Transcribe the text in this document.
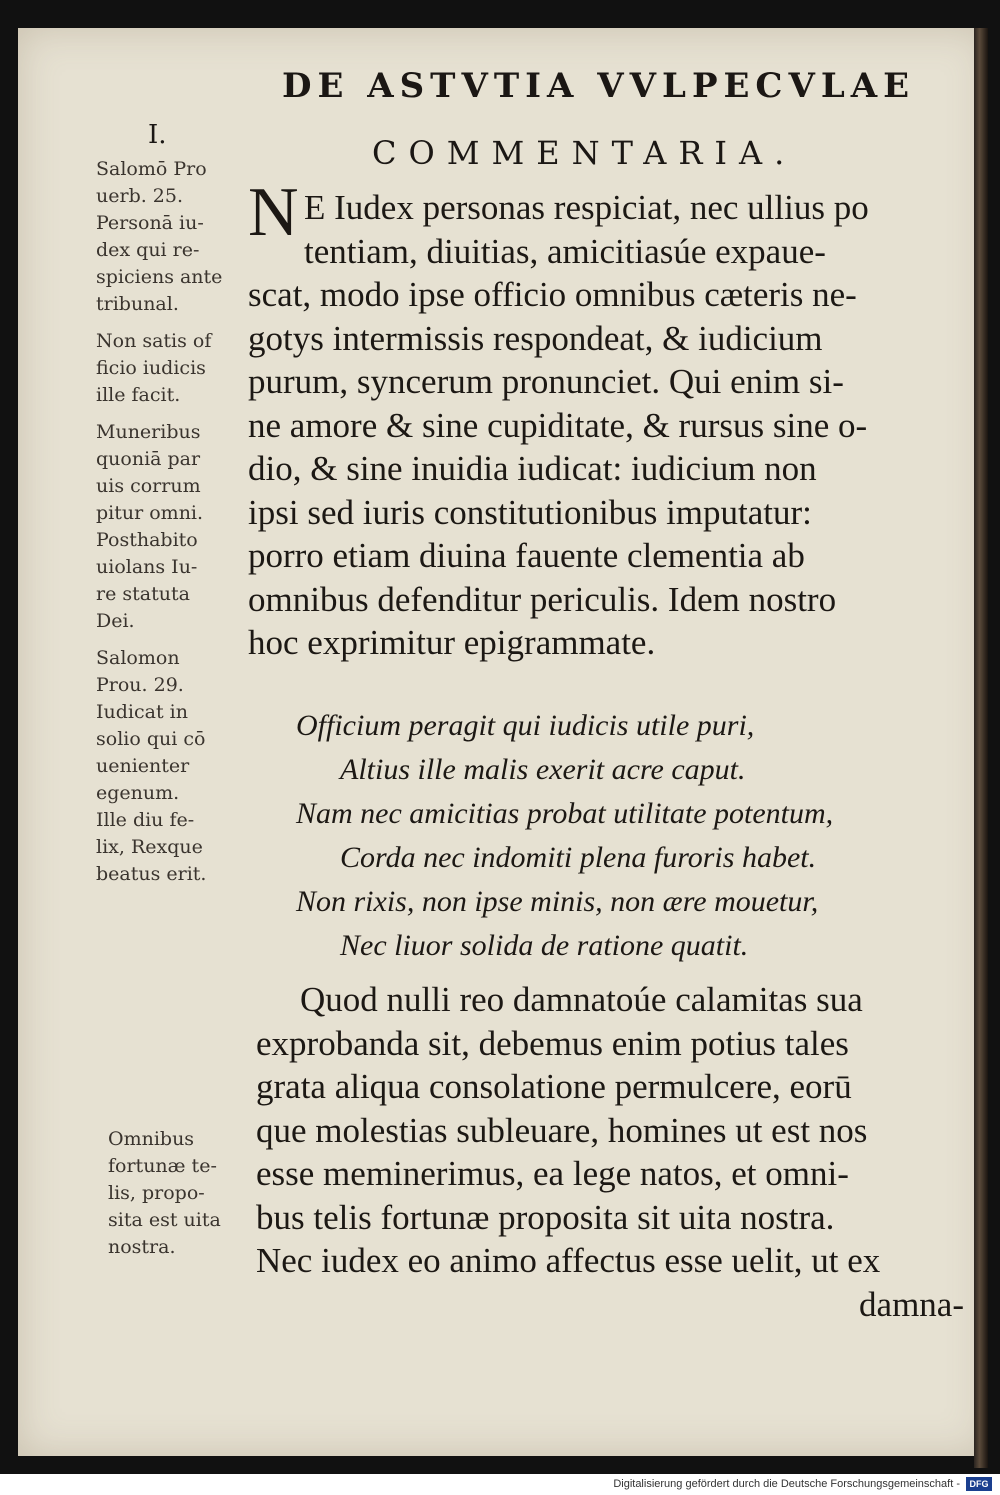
DE ASTVTIA VVLPECVLAE
COMMENTARIA.
I.
Salomō Pro
uerb. 25.
Personā iu-
dex qui re-
spiciens ante
tribunal.
Non satis of
ficio iudicis
ille facit.
Muneribus
quoniā par
uis corrum
pitur omni.
Posthabito
uiolans Iu-
re statuta
Dei.
Salomon
Prou. 29.
Iudicat in
solio qui cō
uenienter
egenum.
Ille diu fe-
lix, Rexque
beatus erit.
N E Iudex personas respiciat, nec ullius po
tentiam, diuitias, amicitiasúe expaue-
scat, modo ipse officio omnibus cæteris ne-
gotys intermissis respondeat, & iudicium
purum, syncerum pronunciet. Qui enim si-
ne amore & sine cupiditate, & rursus sine o-
dio, & sine inuidia iudicat: iudicium non
ipsi sed iuris constitutionibus imputatur:
porro etiam diuina fauente clementia ab
omnibus defenditur periculis. Idem nostro
hoc exprimitur epigrammate.
Officium peragit qui iudicis utile puri,
Altius ille malis exerit acre caput.
Nam nec amicitias probat utilitate potentum,
Corda nec indomiti plena furoris habet.
Non rixis, non ipse minis, non ære mouetur,
Nec liuor solida de ratione quatit.
Quod nulli reo damnatoúe calamitas sua
exprobanda sit, debemus enim potius tales
grata aliqua consolatione permulcere, eorū
que molestias subleuare, homines ut est nos
esse meminerimus, ea lege natos, et omni-
bus telis fortunæ proposita sit uita nostra.
Nec iudex eo animo affectus esse uelit, ut ex
damna-
Omnibus
fortunæ te-
lis, propo-
sita est uita
nostra.
Digitalisierung gefördert durch die Deutsche Forschungsgemeinschaft -	DFG
